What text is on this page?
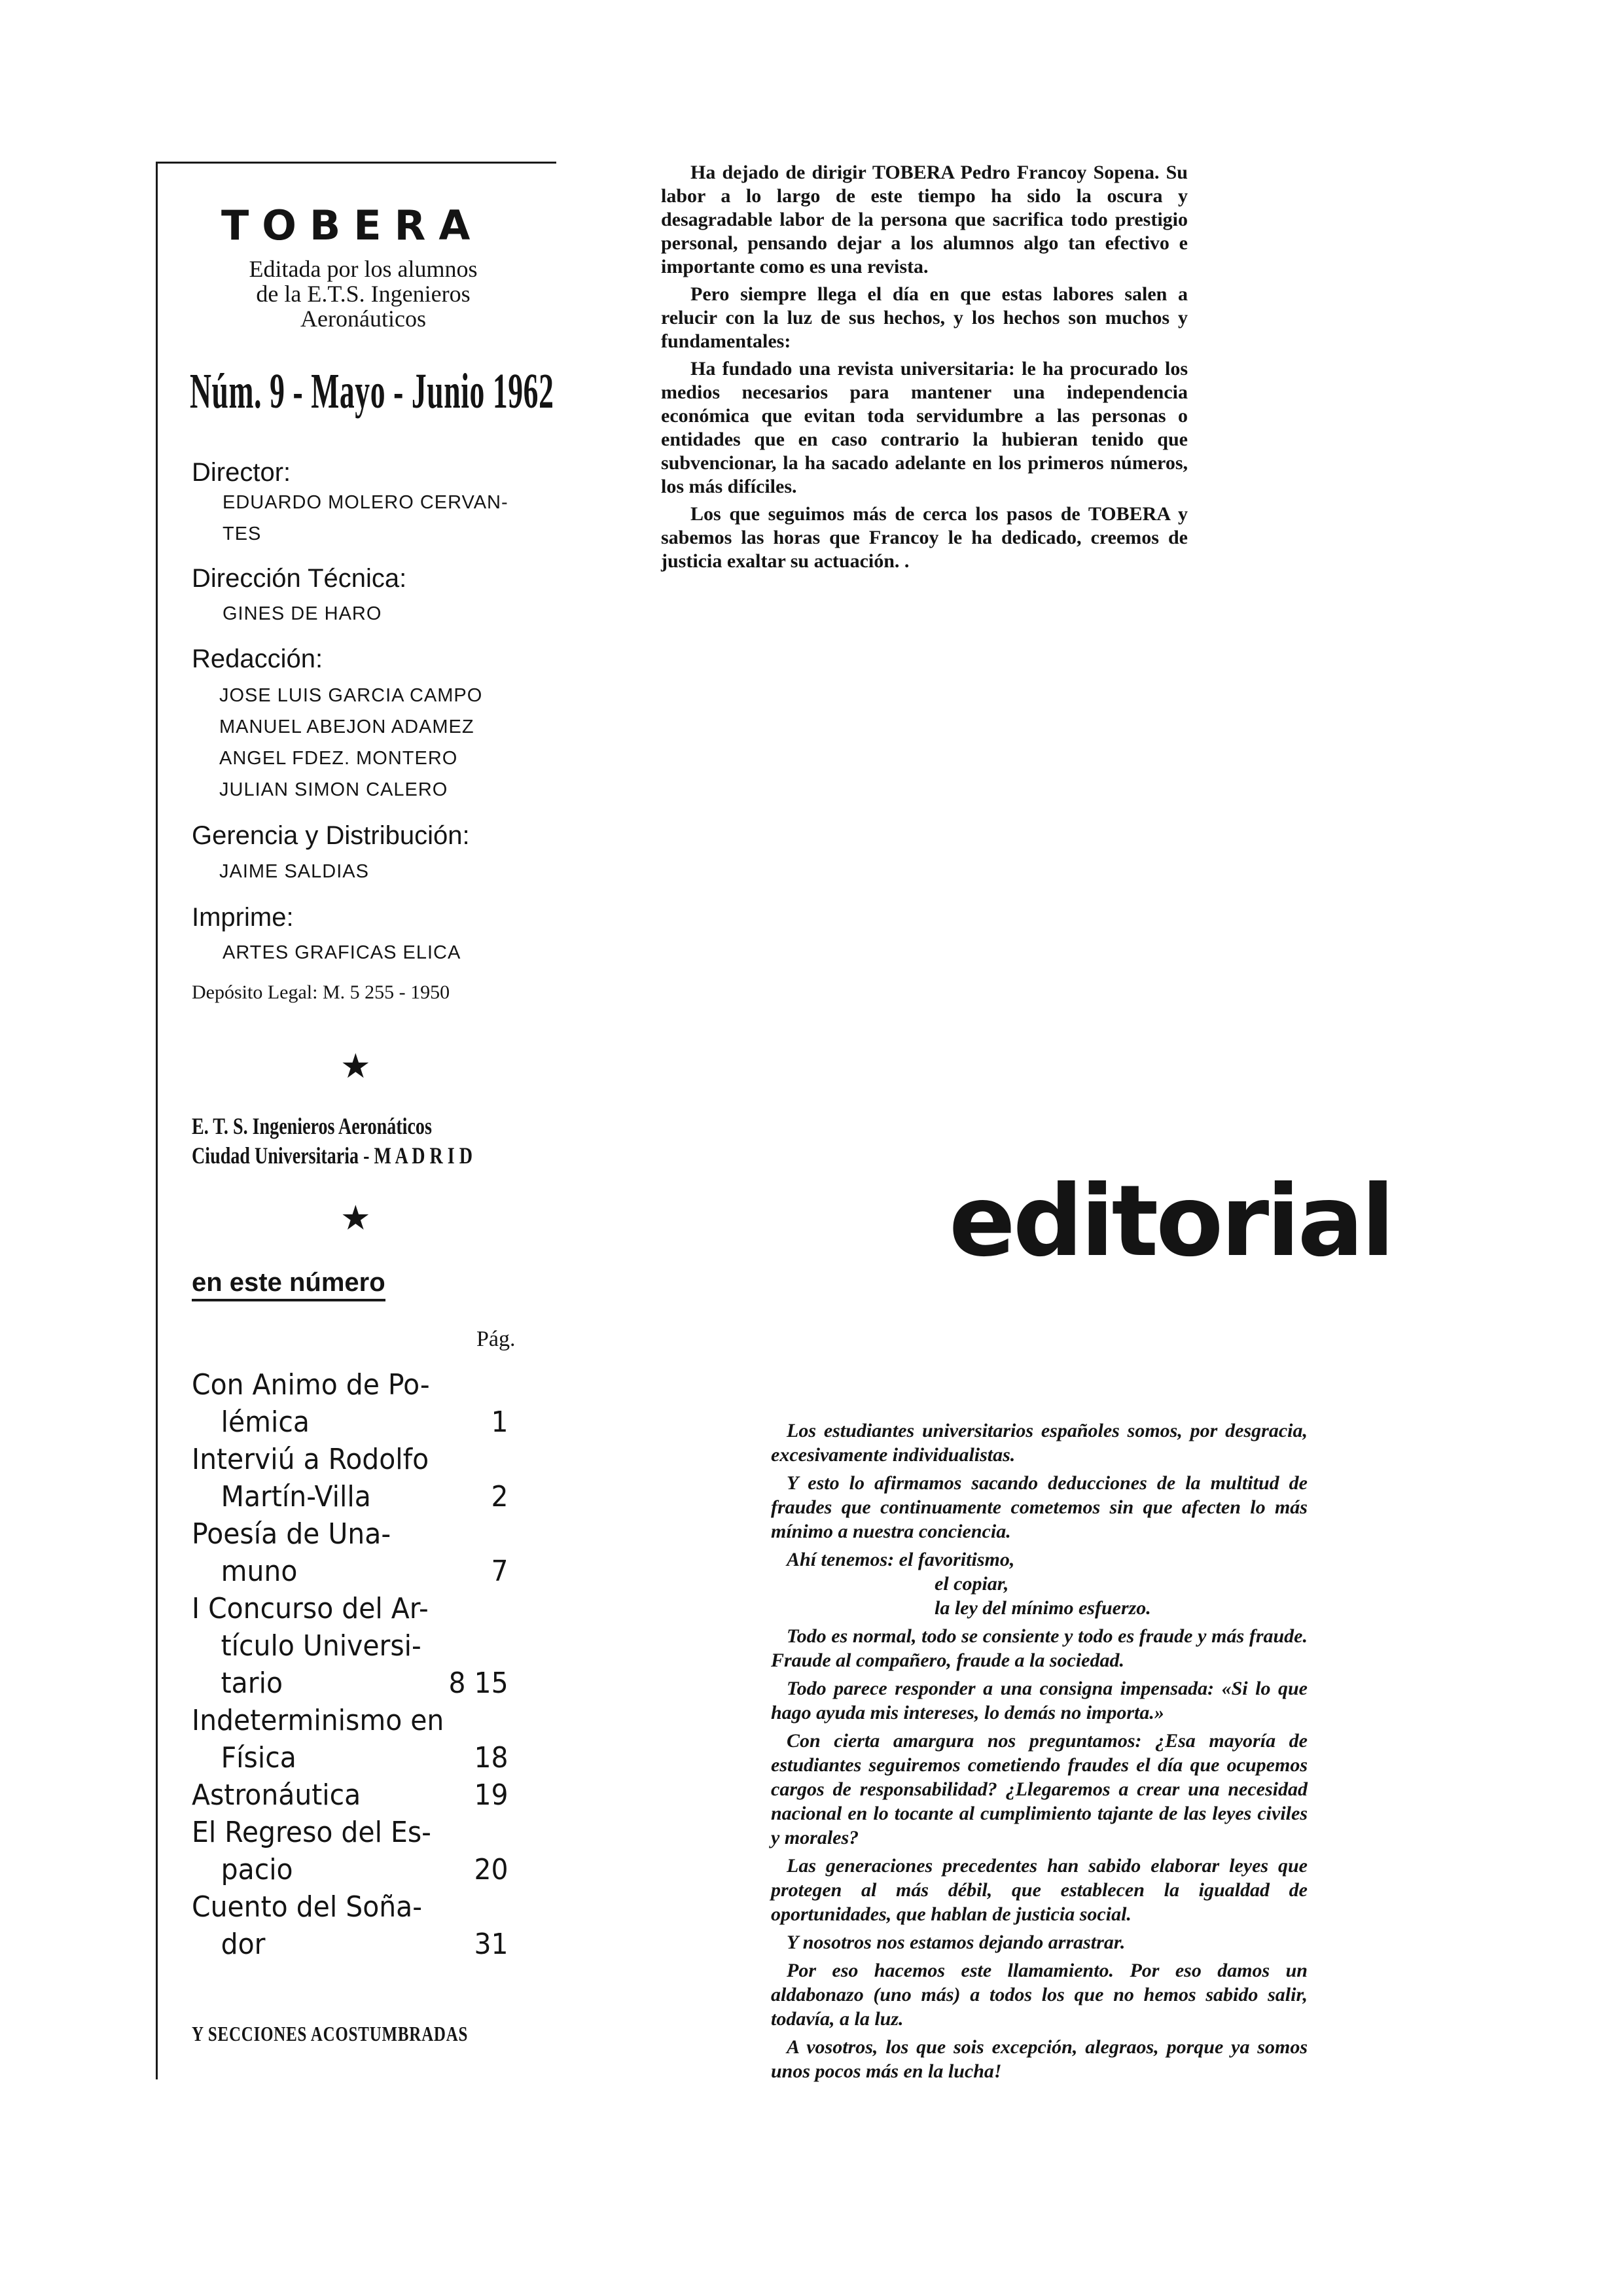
TOBERA
Editada por los alumnos
de la E.T.S. Ingenieros
Aeronáuticos
Núm. 9 - Mayo - Junio 1962
Director:
EDUARDO MOLERO CERVAN-
TES
Dirección Técnica:
GINES DE HARO
Redacción:
JOSE LUIS GARCIA CAMPO
MANUEL ABEJON ADAMEZ
ANGEL FDEZ. MONTERO
JULIAN SIMON CALERO
Gerencia y Distribución:
JAIME SALDIAS
Imprime:
ARTES GRAFICAS ELICA
Depósito Legal: M. 5 255 - 1950
★
E. T. S. Ingenieros Aeronáticos
Ciudad Universitaria - M A D R I D
★
en este número
Pág.
Con Animo de Po-
lémica	1
Interviú a Rodolfo
Martín-Villa	2
Poesía de Una-
muno	7
I Concurso del Ar-
tículo Universi-
tario	8 15
Indeterminismo en
Física	18
Astronáutica	19
El Regreso del Es-
pacio	20
Cuento del Soña-
dor	31
Y SECCIONES ACOSTUMBRADAS

Ha dejado de dirigir TOBERA Pedro Francoy Sopena. Su labor a lo largo de este tiempo ha sido la oscura y desagradable labor de la persona que sacrifica todo prestigio personal, pensando dejar a los alumnos algo tan efectivo e importante como es una revista.

Pero siempre llega el día en que estas labores salen a relucir con la luz de sus hechos, y los hechos son muchos y fundamentales:

Ha fundado una revista universitaria: le ha procurado los medios necesarios para mantener una independencia económica que evitan toda servidumbre a las personas o entidades que en caso contrario la hubieran tenido que subvencionar, la ha sacado adelante en los primeros números, los más difíciles.

Los que seguimos más de cerca los pasos de TOBERA y sabemos las horas que Francoy le ha dedicado, creemos de justicia exaltar su actuación. .

editorial

Los estudiantes universitarios españoles somos, por desgracia, excesivamente individualistas.

Y esto lo afirmamos sacando deducciones de la multitud de fraudes que continuamente cometemos sin que afecten lo más mínimo a nuestra conciencia.

Ahí tenemos: el favoritismo,

el copiar,

la ley del mínimo esfuerzo.

Todo es normal, todo se consiente y todo es fraude y más fraude. Fraude al compañero, fraude a la sociedad.

Todo parece responder a una consigna impensada: «Si lo que hago ayuda mis intereses, lo demás no importa.»

Con cierta amargura nos preguntamos: ¿Esa mayoría de estudiantes seguiremos cometiendo fraudes el día que ocupemos cargos de responsabilidad? ¿Llegaremos a crear una necesidad nacional en lo tocante al cumplimiento tajante de las leyes civiles y morales?

Las generaciones precedentes han sabido elaborar leyes que protegen al más débil, que establecen la igualdad de oportunidades, que hablan de justicia social.

Y nosotros nos estamos dejando arrastrar.

Por eso hacemos este llamamiento. Por eso damos un aldabonazo (uno más) a todos los que no hemos sabido salir, todavía, a la luz.

A vosotros, los que sois excepción, alegraos, porque ya somos unos pocos más en la lucha!
